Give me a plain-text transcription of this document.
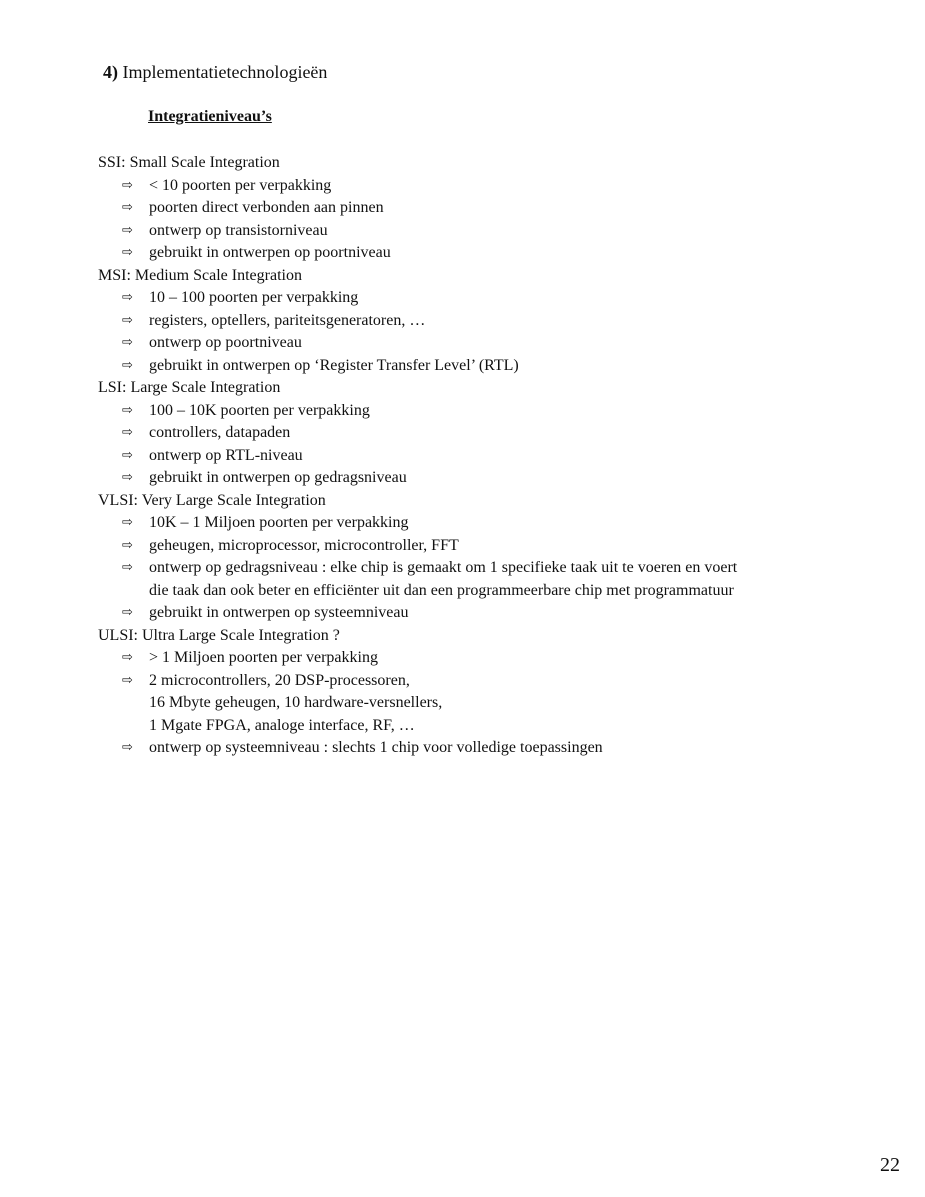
4) Implementatietechnologieën
Integratieniveau’s

SSI: Small Scale Integration

⇨	< 10 poorten per verpakking
⇨	poorten direct verbonden aan pinnen
⇨	ontwerp op transistorniveau
⇨	gebruikt in ontwerpen op poortniveau

MSI: Medium Scale Integration

⇨	10 – 100 poorten per verpakking
⇨	registers, optellers, pariteitsgeneratoren, …
⇨	ontwerp op poortniveau
⇨	gebruikt in ontwerpen op ‘Register Transfer Level’ (RTL)

LSI: Large Scale Integration

⇨	100 – 10K poorten per verpakking
⇨	controllers, datapaden
⇨	ontwerp op RTL-niveau
⇨	gebruikt in ontwerpen op gedragsniveau

VLSI: Very Large Scale Integration

⇨	10K – 1 Miljoen poorten per verpakking
⇨	geheugen, microprocessor, microcontroller, FFT
⇨	ontwerp op gedragsniveau : elke chip is gemaakt om 1 specifieke taak uit te voeren en voert
die taak dan ook beter en efficiënter uit dan een programmeerbare chip met programmatuur
⇨	gebruikt in ontwerpen op systeemniveau

ULSI: Ultra Large Scale Integration ?

⇨	> 1 Miljoen poorten per verpakking
⇨	2 microcontrollers, 20 DSP-processoren,
16 Mbyte geheugen, 10 hardware-versnellers,
1 Mgate FPGA, analoge interface, RF, …
⇨	ontwerp op systeemniveau : slechts 1 chip voor volledige toepassingen

22
